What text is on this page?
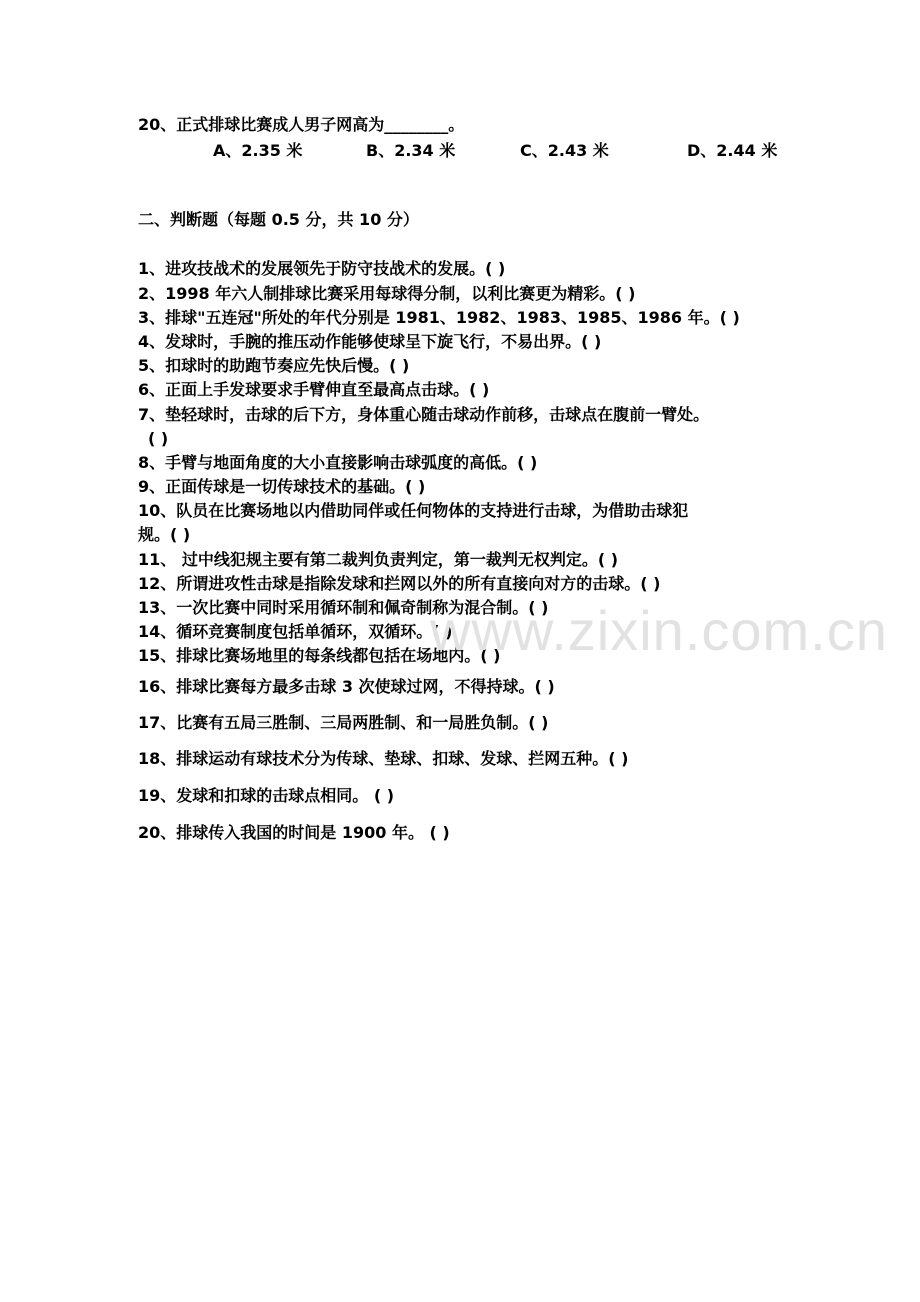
20、正式排球比赛成人男子网高为________。
A、2.35 米	B、2.34 米	C、2.43 米	D、2.44 米
二、判断题（每题 0.5 分，共 10 分）
1、进攻技战术的发展领先于防守技战术的发展。( )
2、1998 年六人制排球比赛采用每球得分制，以利比赛更为精彩。( )
3、排球"五连冠"所处的年代分别是 1981、1982、1983、1985、1986 年。( )
4、发球时，手腕的推压动作能够使球呈下旋飞行，不易出界。( )
5、扣球时的助跑节奏应先快后慢。( )
6、正面上手发球要求手臂伸直至最高点击球。( )
7、垫轻球时，击球的后下方，身体重心随击球动作前移，击球点在腹前一臂处。
( )
8、手臂与地面角度的大小直接影响击球弧度的高低。( )
9、正面传球是一切传球技术的基础。( )
10、队员在比赛场地以内借助同伴或任何物体的支持进行击球，为借助击球犯
规。( )
11、 过中线犯规主要有第二裁判负责判定，第一裁判无权判定。( )
12、所谓进攻性击球是指除发球和拦网以外的所有直接向对方的击球。( )
13、一次比赛中同时采用循环制和佩奇制称为混合制。( )
14、循环竞赛制度包括单循环，双循环。( )
15、排球比赛场地里的每条线都包括在场地内。( )
16、排球比赛每方最多击球 3 次使球过网，不得持球。( )
17、比赛有五局三胜制、三局两胜制、和一局胜负制。( )
18、排球运动有球技术分为传球、垫球、扣球、发球、拦网五种。( )
19、发球和扣球的击球点相同。 ( )
20、排球传入我国的时间是 1900 年。 ( )
www.zixin.com.cn
